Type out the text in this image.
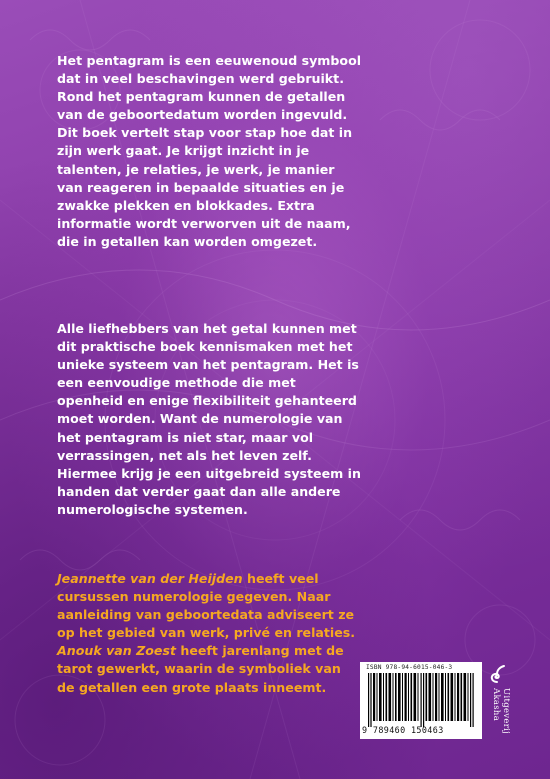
Het pentagram is een eeuwenoud symbool dat in veel beschavingen werd gebruikt. Rond het pentagram kunnen de getallen van de geboortedatum worden ingevuld. Dit boek vertelt stap voor stap hoe dat in zijn werk gaat. Je krijgt inzicht in je talenten, je relaties, je werk, je manier van reageren in bepaalde situaties en je zwakke plekken en blokkades. Extra informatie wordt verworven uit de naam, die in getallen kan worden omgezet.
Alle liefhebbers van het getal kunnen met dit praktische boek kennismaken met het unieke systeem van het pentagram. Het is een eenvoudige methode die met openheid en enige flexibiliteit gehanteerd moet worden. Want de numerologie van het pentagram is niet star, maar vol verrassingen, net als het leven zelf. Hiermee krijg je een uitgebreid systeem in handen dat verder gaat dan alle andere numerologische systemen.
Jeannette van der Heijden heeft veel cursussen numerologie gegeven. Naar aanleiding van geboortedata adviseert ze op het gebied van werk, privé en relaties.
Anouk van Zoest heeft jarenlang met de tarot gewerkt, waarin de symboliek van de getallen een grote plaats inneemt.
ISBN 978-94-6015-046-3
9 789460 150463	Uitgeverij Akasha
